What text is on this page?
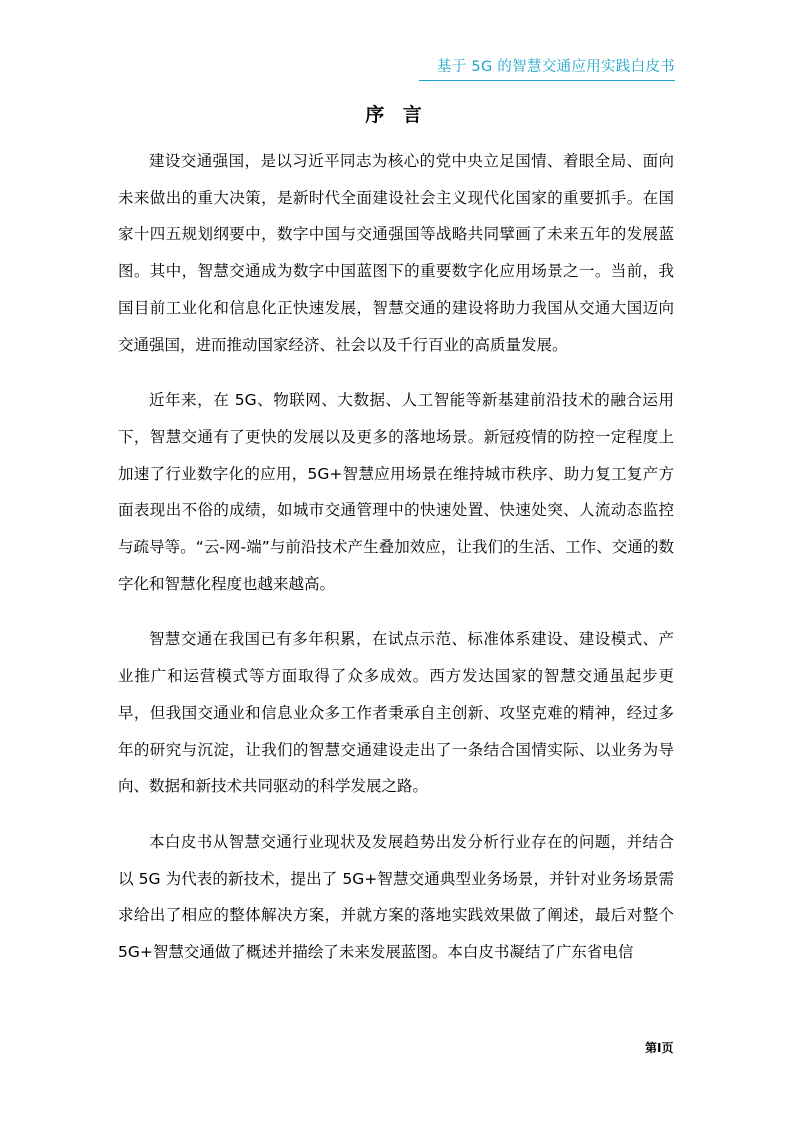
基于 5G 的智慧交通应用实践白皮书
序 言

建设交通强国，是以习近平同志为核心的党中央立足国情、着眼全局、面向未来做出的重大决策，是新时代全面建设社会主义现代化国家的重要抓手。在国家十四五规划纲要中，数字中国与交通强国等战略共同擘画了未来五年的发展蓝图。其中，智慧交通成为数字中国蓝图下的重要数字化应用场景之一。当前，我国目前工业化和信息化正快速发展，智慧交通的建设将助力我国从交通大国迈向交通强国，进而推动国家经济、社会以及千行百业的高质量发展。

近年来，在 5G、物联网、大数据、人工智能等新基建前沿技术的融合运用下，智慧交通有了更快的发展以及更多的落地场景。新冠疫情的防控一定程度上加速了行业数字化的应用，5G+智慧应用场景在维持城市秩序、助力复工复产方面表现出不俗的成绩，如城市交通管理中的快速处置、快速处突、人流动态监控与疏导等。“云-网-端”与前沿技术产生叠加效应，让我们的生活、工作、交通的数字化和智慧化程度也越来越高。

智慧交通在我国已有多年积累，在试点示范、标准体系建设、建设模式、产业推广和运营模式等方面取得了众多成效。西方发达国家的智慧交通虽起步更早，但我国交通业和信息业众多工作者秉承自主创新、攻坚克难的精神，经过多年的研究与沉淀，让我们的智慧交通建设走出了一条结合国情实际、以业务为导向、数据和新技术共同驱动的科学发展之路。

本白皮书从智慧交通行业现状及发展趋势出发分析行业存在的问题，并结合以 5G 为代表的新技术，提出了 5G+智慧交通典型业务场景，并针对业务场景需求给出了相应的整体解决方案，并就方案的落地实践效果做了阐述，最后对整个 5G+智慧交通做了概述并描绘了未来发展蓝图。本白皮书凝结了广东省电信

第I页
